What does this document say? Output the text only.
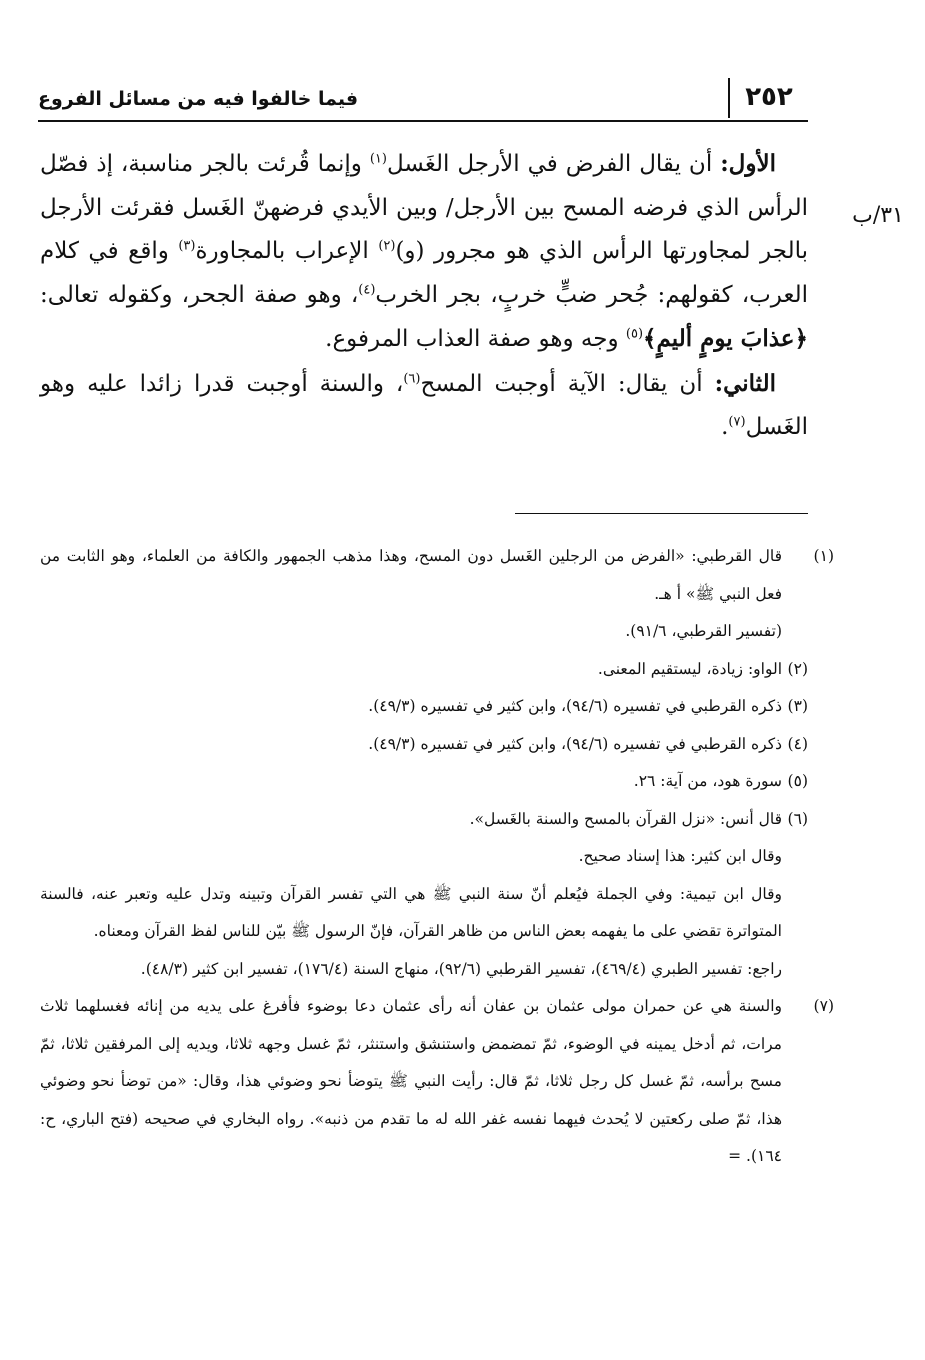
٢٥٢
فيما خالفوا فيه من مسائل الفروع
٣١/ب

الأول: أن يقال الفرض في الأرجل الغَسل$^{(١)}$ وإنما قُرئت بالجر مناسبة، إذ فصّل الرأس الذي فرضه المسح بين الأرجل/ وبين الأيدي فرضهنّ الغَسل فقرئت الأرجل بالجر لمجاورتها الرأس الذي هو مجرور (و)$^{(٢)}$ الإعراب بالمجاورة$^{(٣)}$ واقع في كلام العرب، كقولهم: جُحر ضبٍّ خربٍ، بجر الخرب$^{(٤)}$، وهو صفة الجحر، وكقوله تعالى: ﴿عذابَ يومٍ أليمٍ﴾$^{(٥)}$ وجه وهو صفة العذاب المرفوع.

الثاني: أن يقال: الآية أوجبت المسح$^{(٦)}$، والسنة أوجبت قدرا زائدا عليه وهو الغَسل$^{(٧)}$.

(١)قال القرطبي: «الفرض من الرجلين الغَسل دون المسح، وهذا مذهب الجمهور والكافة من العلماء، وهو الثابت من فعل النبي ﷺ» أ هـ.

(تفسير القرطبي، ٩١/٦).

(٢)الواو: زيادة، ليستقيم المعنى.

(٣)ذكره القرطبي في تفسيره (٩٤/٦)، وابن كثير في تفسيره (٤٩/٣).

(٤)ذكره القرطبي في تفسيره (٩٤/٦)، وابن كثير في تفسيره (٤٩/٣).

(٥)سورة هود، من آية: ٢٦.

(٦)قال أنس: «نزل القرآن بالمسح والسنة بالغَسل».

وقال ابن كثير: هذا إسناد صحيح.

وقال ابن تيمية: وفي الجملة فيُعلم أنّ سنة النبي ﷺ هي التي تفسر القرآن وتبينه وتدل عليه وتعبر عنه، فالسنة المتواترة تقضي على ما يفهمه بعض الناس من ظاهر القرآن، فإنّ الرسول ﷺ بيّن للناس لفظ القرآن ومعناه.

راجع: تفسير الطبري (٤٦٩/٤)، تفسير القرطبي (٩٢/٦)، منهاج السنة (١٧٦/٤)، تفسير ابن كثير (٤٨/٣).

(٧)والسنة هي عن حمران مولى عثمان بن عفان أنه رأى عثمان دعا بوضوء فأفرغ على يديه من إنائه فغسلهما ثلاث مرات، ثم أدخل يمينه في الوضوء، ثمّ تمضمض واستنشق واستنثر، ثمّ غسل وجهه ثلاثا، ويديه إلى المرفقين ثلاثا، ثمّ مسح برأسه، ثمّ غسل كل رجل ثلاثا، ثمّ قال: رأيت النبي ﷺ يتوضأ نحو وضوئي هذا، وقال: «من توضأ نحو وضوئي هذا، ثمّ صلى ركعتين لا يُحدث فيهما نفسه غفر الله له ما تقدم من ذنبه». رواه البخاري في صحيحه (فتح الباري، ح: ١٦٤). =
